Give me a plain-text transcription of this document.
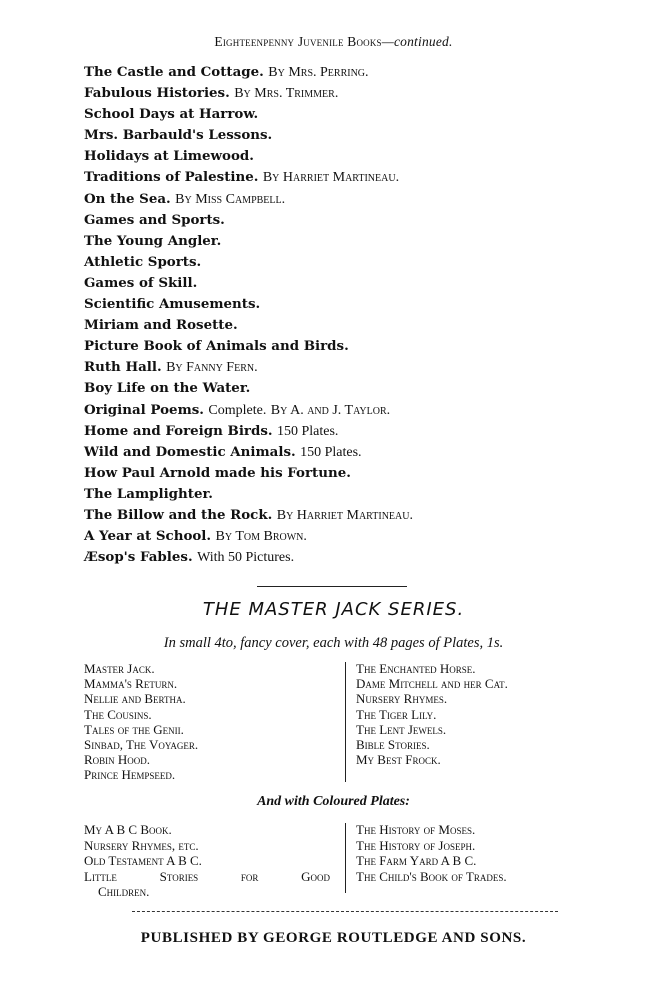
Eighteenpenny Juvenile Books—continued.
The Castle and Cottage. By Mrs. Perring.
Fabulous Histories. By Mrs. Trimmer.
School Days at Harrow.
Mrs. Barbauld's Lessons.
Holidays at Limewood.
Traditions of Palestine. By Harriet Martineau.
On the Sea. By Miss Campbell.
Games and Sports.
The Young Angler.
Athletic Sports.
Games of Skill.
Scientific Amusements.
Miriam and Rosette.
Picture Book of Animals and Birds.
Ruth Hall. By Fanny Fern.
Boy Life on the Water.
Original Poems. Complete. By A. and J. Taylor.
Home and Foreign Birds. 150 Plates.
Wild and Domestic Animals. 150 Plates.
How Paul Arnold made his Fortune.
The Lamplighter.
The Billow and the Rock. By Harriet Martineau.
A Year at School. By Tom Brown.
Æsop's Fables. With 50 Pictures.
THE MASTER JACK SERIES.
In small 4to, fancy cover, each with 48 pages of Plates, 1s.
Master Jack.
Mamma's Return.
Nellie and Bertha.
The Cousins.
Tales of the Genii.
Sinbad, The Voyager.
Robin Hood.
Prince Hempseed.
The Enchanted Horse.
Dame Mitchell and her Cat.
Nursery Rhymes.
The Tiger Lily.
The Lent Jewels.
Bible Stories.
My Best Frock.
And with Coloured Plates:
My A B C Book.
Nursery Rhymes, etc.
Old Testament A B C.
Little	Stories	for	Good
Children.
The History of Moses.
The History of Joseph.
The Farm Yard A B C.
The Child's Book of Trades.
PUBLISHED BY GEORGE ROUTLEDGE AND SONS.
